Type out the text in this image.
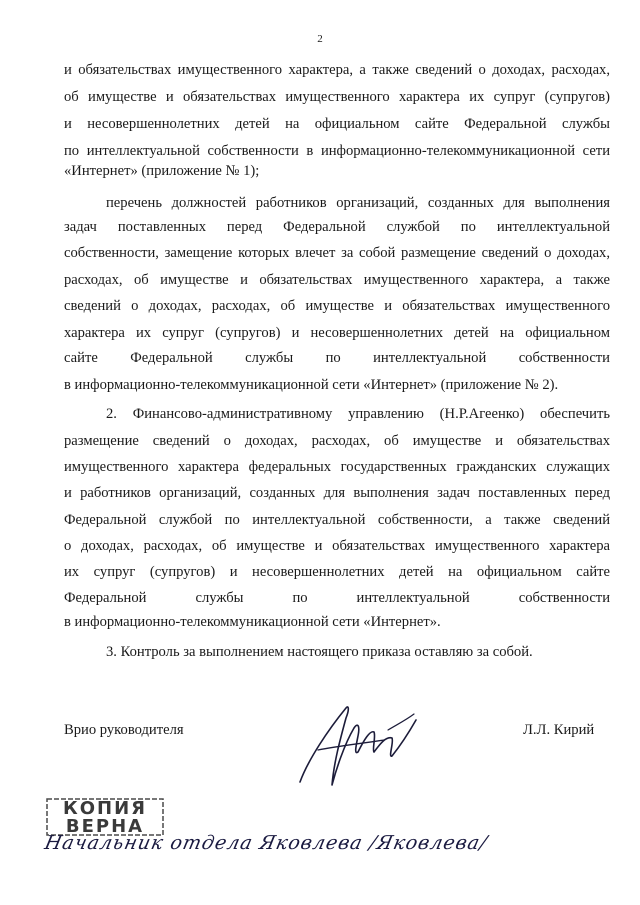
2
и обязательствах имущественного характера, а также сведений о доходах, расходах,
об имуществе и обязательствах имущественного характера их супруг (супругов)
и несовершеннолетних детей на официальном сайте Федеральной службы
по интеллектуальной собственности в информационно-телекоммуникационной сети
«Интернет» (приложение № 1);
перечень должностей работников организаций, созданных для выполнения
задач поставленных перед Федеральной службой по интеллектуальной
собственности, замещение которых влечет за собой размещение сведений о доходах,
расходах, об имуществе и обязательствах имущественного характера, а также
сведений о доходах, расходах, об имуществе и обязательствах имущественного
характера их супруг (супругов) и несовершеннолетних детей на официальном
сайте Федеральной службы по интеллектуальной собственности
в информационно-телекоммуникационной сети «Интернет» (приложение № 2).
2. Финансово-административному управлению (Н.Р.Агеенко) обеспечить
размещение сведений о доходах, расходах, об имуществе и обязательствах
имущественного характера федеральных государственных гражданских служащих
и работников организаций, созданных для выполнения задач поставленных перед
Федеральной службой по интеллектуальной собственности, а также сведений
о доходах, расходах, об имуществе и обязательствах имущественного характера
их супруг (супругов) и несовершеннолетних детей на официальном сайте
Федеральной службы по интеллектуальной собственности
в информационно-телекоммуникационной сети «Интернет».
3. Контроль за выполнением настоящего приказа оставляю за собой.
Врио руководителя	Л.Л. Кирий
КОПИЯ
ВЕРНА
Начальник отдела Яковлева /Яковлева/
